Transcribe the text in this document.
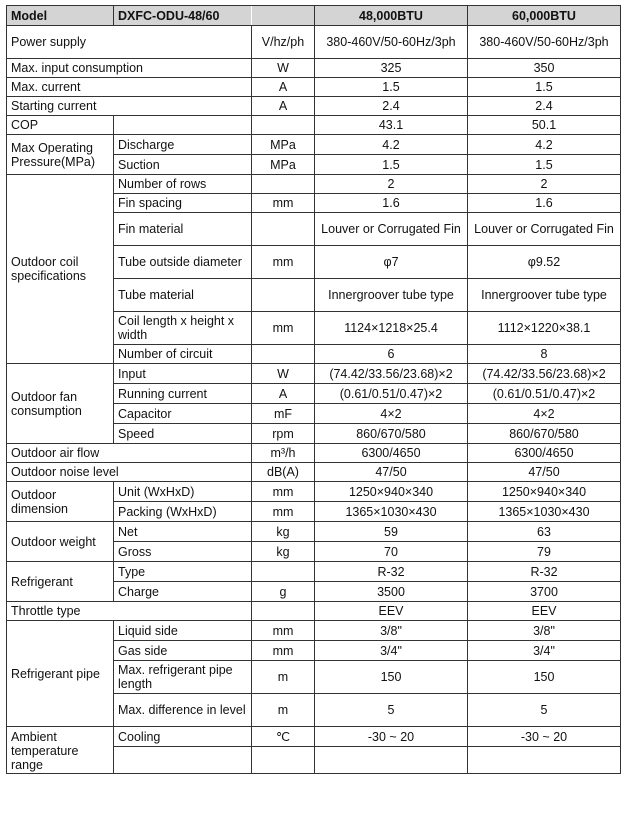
Model	DXFC-ODU-48/60		48,000BTU	60,000BTU
Power supply		V/hz/ph	380-460V/50-60Hz/3ph	380-460V/50-60Hz/3ph
Max. input consumption		W	325	350
Max. current		A	1.5	1.5
Starting current		A	2.4	2.4
COP			43.1	50.1
Max Operating Pressure(MPa)	Discharge	MPa	4.2	4.2
	Suction	MPa	1.5	1.5
Outdoor coil specifications	Number of rows		2	2
	Fin spacing	mm	1.6	1.6
	Fin material		Louver or Corrugated Fin	Louver or Corrugated Fin
	Tube outside diameter	mm	φ7	φ9.52
	Tube material		Innergroover tube type	Innergroover tube type
	Coil length x height x width	mm	1124×1218×25.4	1112×1220×38.1
	Number of circuit		6	8
Outdoor fan consumption	Input	W	(74.42/33.56/23.68)×2	(74.42/33.56/23.68)×2
	Running current	A	(0.61/0.51/0.47)×2	(0.61/0.51/0.47)×2
	Capacitor	mF	4×2	4×2
	Speed	rpm	860/670/580	860/670/580
Outdoor air flow		m³/h	6300/4650	6300/4650
Outdoor noise level		dB(A)	47/50	47/50
Outdoor dimension	Unit (WxHxD)	mm	1250×940×340	1250×940×340
	Packing (WxHxD)	mm	1365×1030×430	1365×1030×430
Outdoor weight	Net	kg	59	63
	Gross	kg	70	79
Refrigerant	Type		R-32	R-32
	Charge	g	3500	3700
Throttle type			EEV	EEV
Refrigerant pipe	Liquid side	mm	3/8"	3/8"
	Gas side	mm	3/4"	3/4"
	Max. refrigerant pipe length	m	150	150
	Max. difference in level	m	5	5
Ambient temperature range	Cooling	℃	-30 ~ 20	-30 ~ 20
